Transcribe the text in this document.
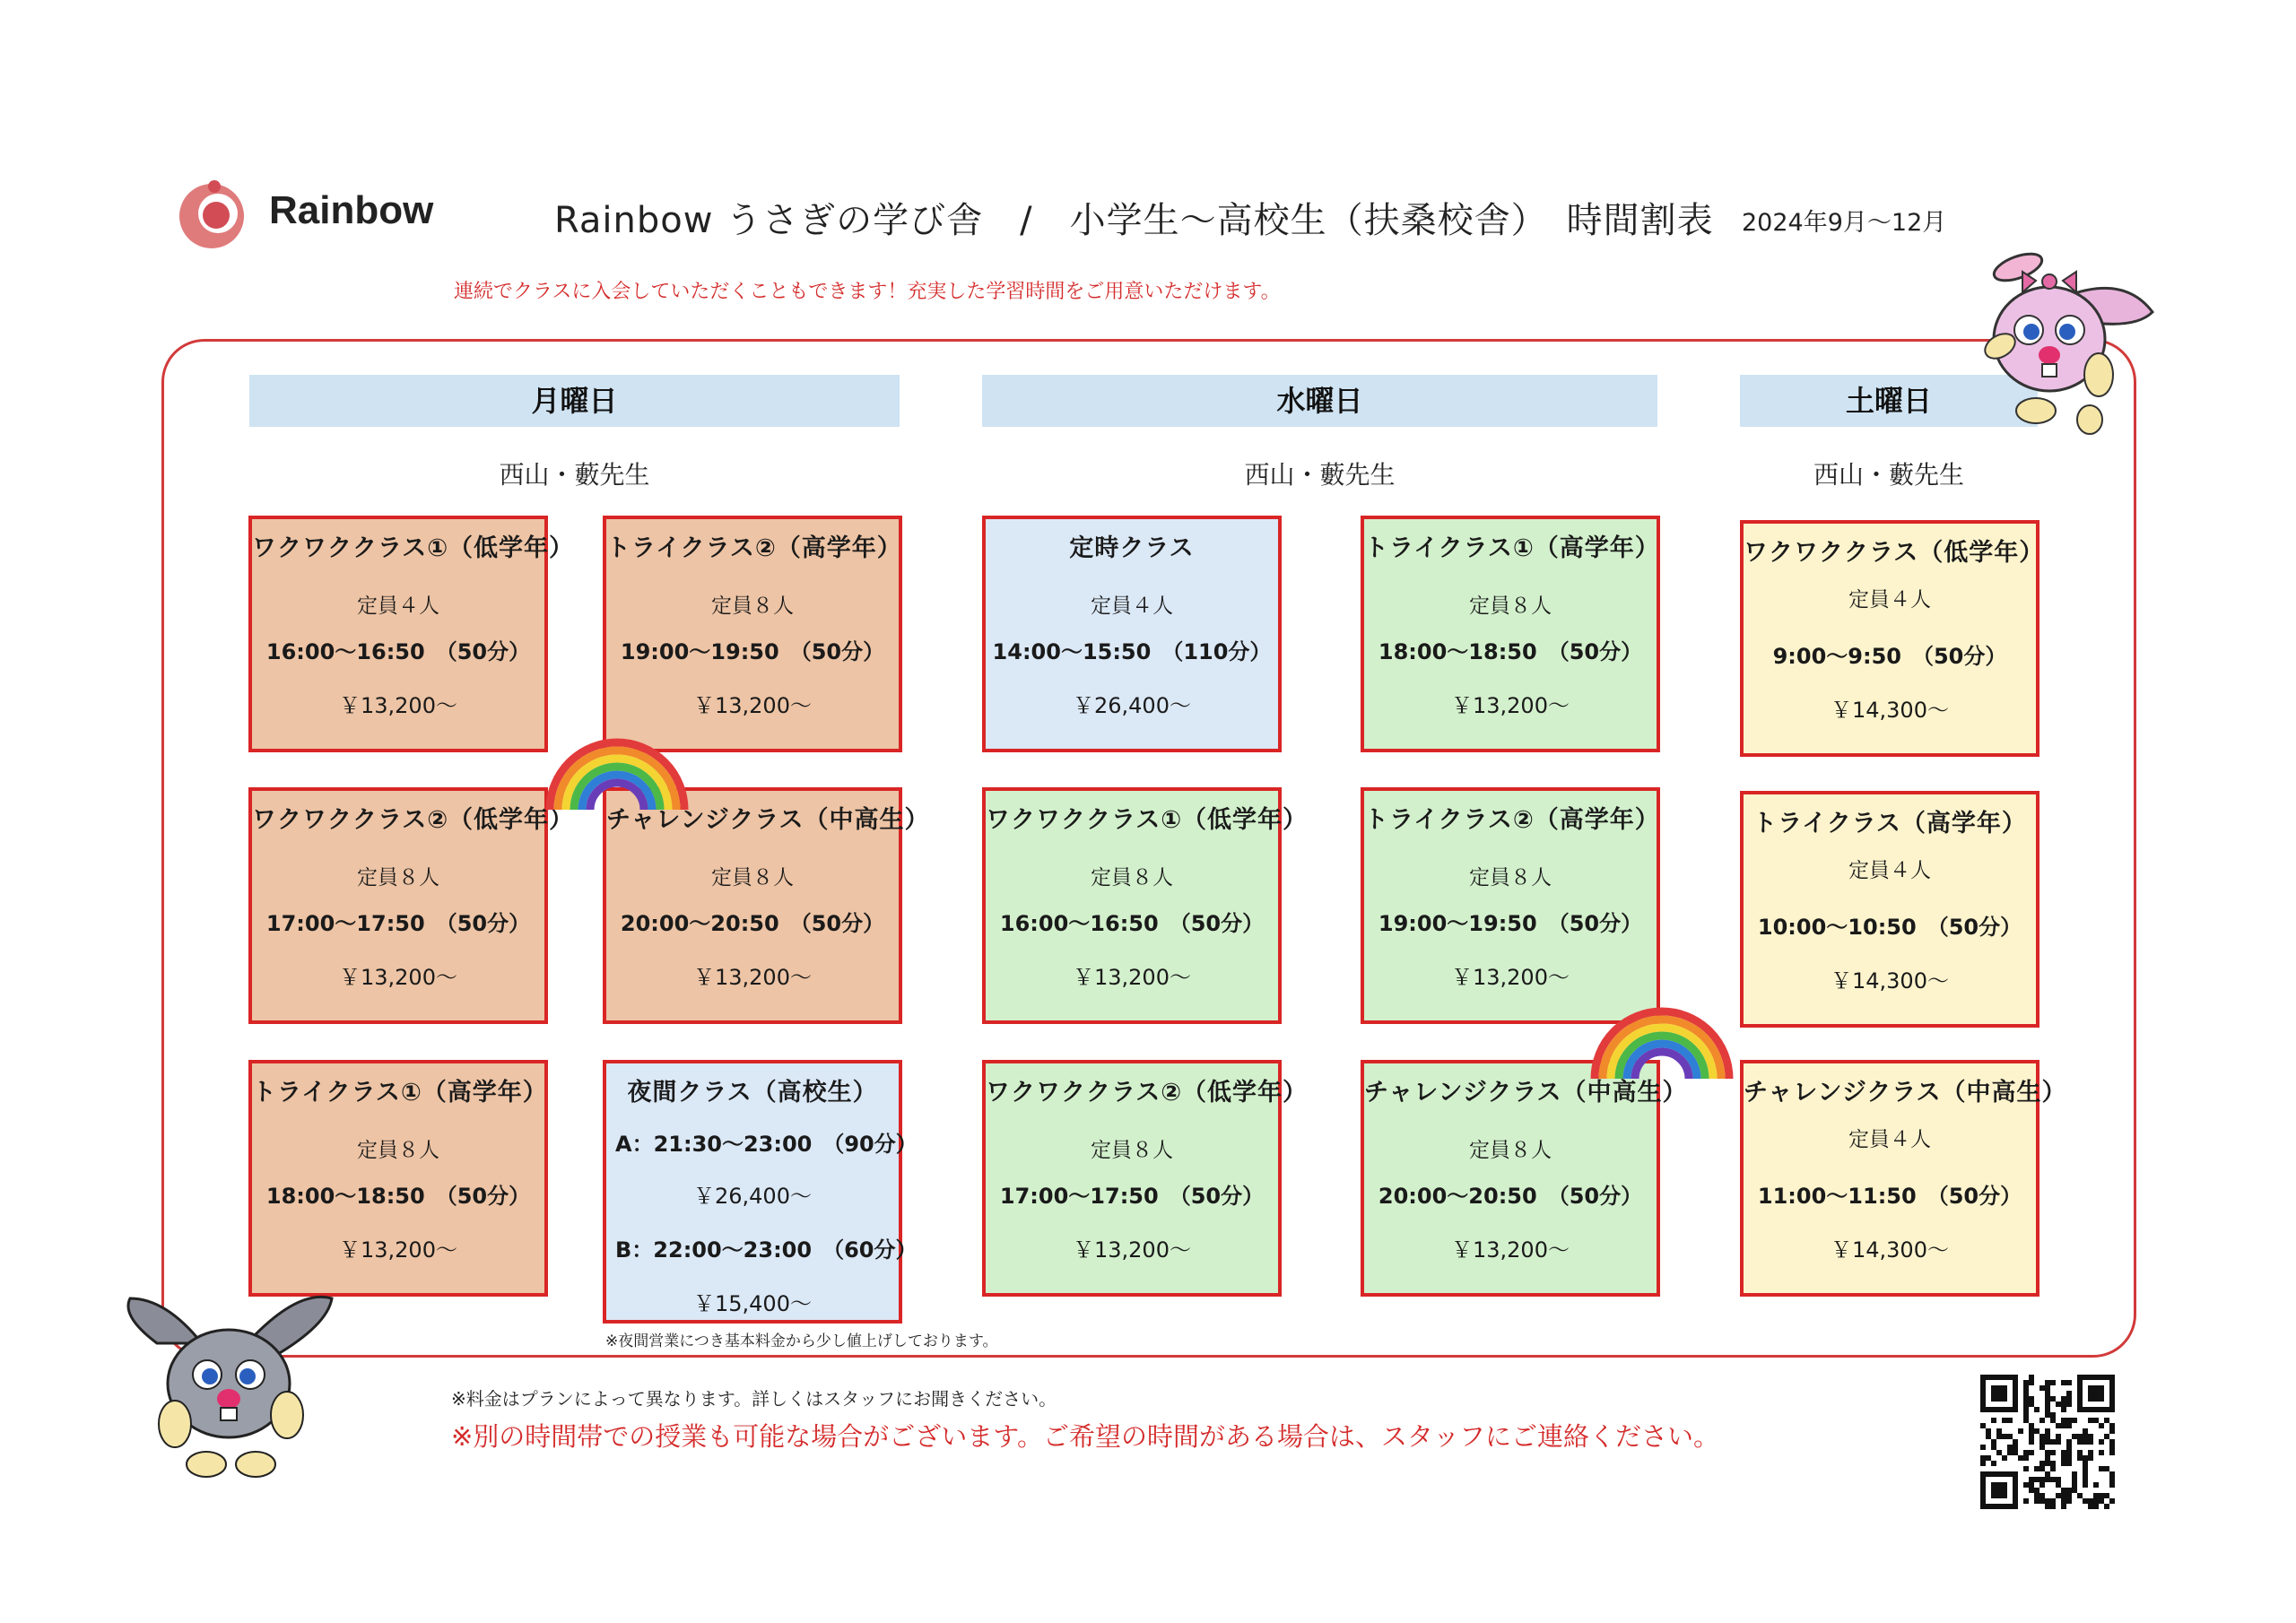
Rainbow	Rainbow うさぎの学び舎　/　小学生〜高校生（扶桑校舎）　時間割表 2024年9月〜12月
連続でクラスに入会していただくこともできます！充実した学習時間をご用意いただけます。
月曜日	水曜日	土曜日
西山・藪先生	西山・藪先生	西山・藪先生
ワクワククラス①（低学年）
定員４人
16:00〜16:50　（50分）
￥13,200〜
トライクラス②（高学年）
定員８人
19:00〜19:50　（50分）
￥13,200〜
ワクワククラス②（低学年）
定員８人
17:00〜17:50　（50分）
￥13,200〜
チャレンジクラス（中高生）
定員８人
20:00〜20:50　（50分）
￥13,200〜
トライクラス①（高学年）
定員８人
18:00〜18:50　（50分）
￥13,200〜
夜間クラス（高校生）
A：21:30〜23:00　（90分）
￥26,400〜
B：22:00〜23:00　（60分）
￥15,400〜
※夜間営業につき基本料金から少し値上げしております。
定時クラス
定員４人
14:00〜15:50　（110分）
￥26,400〜
トライクラス①（高学年）
定員８人
18:00〜18:50　（50分）
￥13,200〜
ワクワククラス①（低学年）
定員８人
16:00〜16:50　（50分）
￥13,200〜
トライクラス②（高学年）
定員８人
19:00〜19:50　（50分）
￥13,200〜
ワクワククラス②（低学年）
定員８人
17:00〜17:50　（50分）
￥13,200〜
チャレンジクラス（中高生）
定員８人
20:00〜20:50　（50分）
￥13,200〜
ワクワククラス（低学年）
定員４人
9:00〜9:50　（50分）
￥14,300〜
トライクラス（高学年）
定員４人
10:00〜10:50　（50分）
￥14,300〜
チャレンジクラス（中高生）
定員４人
11:00〜11:50　（50分）
￥14,300〜
※料金はプランによって異なります。詳しくはスタッフにお聞きください。
※別の時間帯での授業も可能な場合がございます。ご希望の時間がある場合は、スタッフにご連絡ください。
